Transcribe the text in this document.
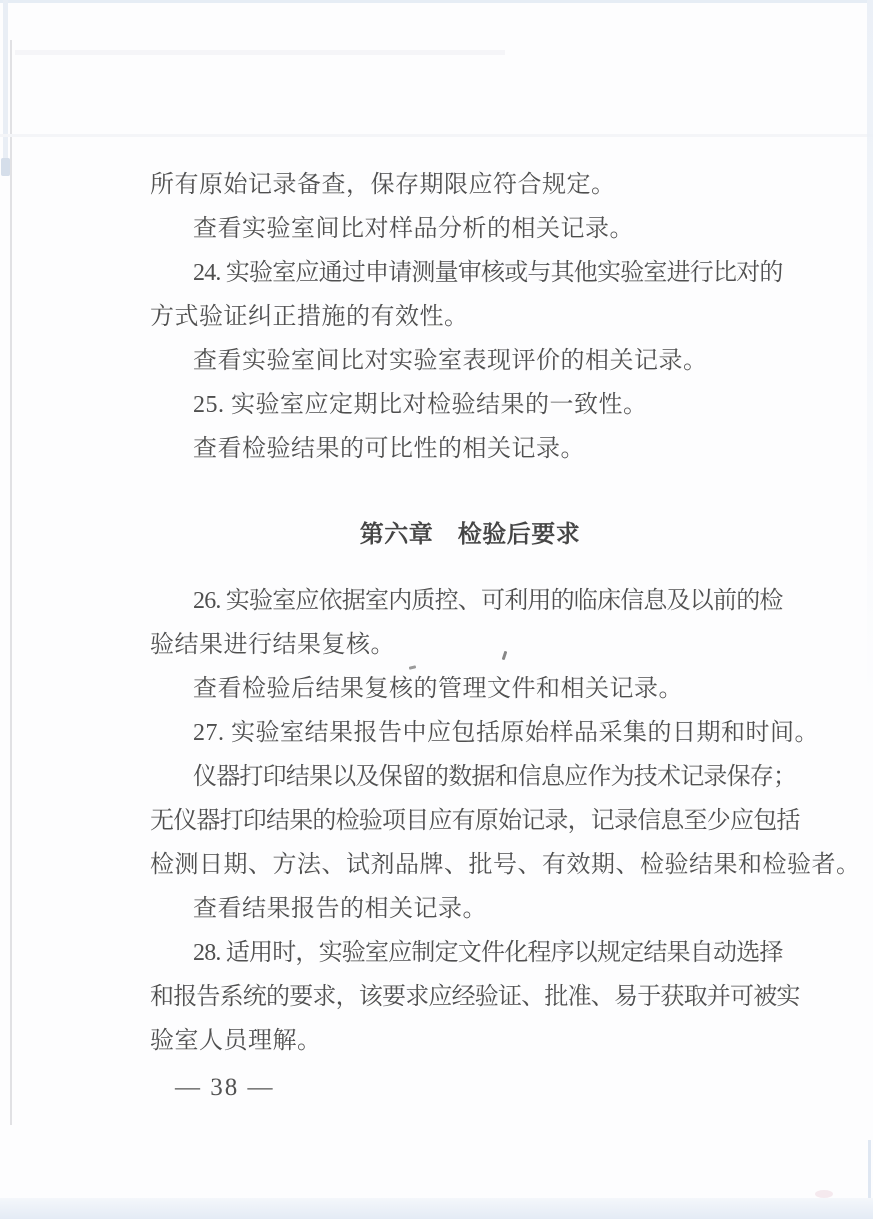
所有原始记录备查，保存期限应符合规定。
查看实验室间比对样品分析的相关记录。
24. 实验室应通过申请测量审核或与其他实验室进行比对的
方式验证纠正措施的有效性。
查看实验室间比对实验室表现评价的相关记录。
25. 实验室应定期比对检验结果的一致性。
查看检验结果的可比性的相关记录。
第六章　检验后要求
26. 实验室应依据室内质控、可利用的临床信息及以前的检
验结果进行结果复核。
查看检验后结果复核的管理文件和相关记录。
27. 实验室结果报告中应包括原始样品采集的日期和时间。
仪器打印结果以及保留的数据和信息应作为技术记录保存；
无仪器打印结果的检验项目应有原始记录，记录信息至少应包括
检测日期、方法、试剂品牌、批号、有效期、检验结果和检验者。
查看结果报告的相关记录。
28. 适用时，实验室应制定文件化程序以规定结果自动选择
和报告系统的要求，该要求应经验证、批准、易于获取并可被实
验室人员理解。
— 38 —
